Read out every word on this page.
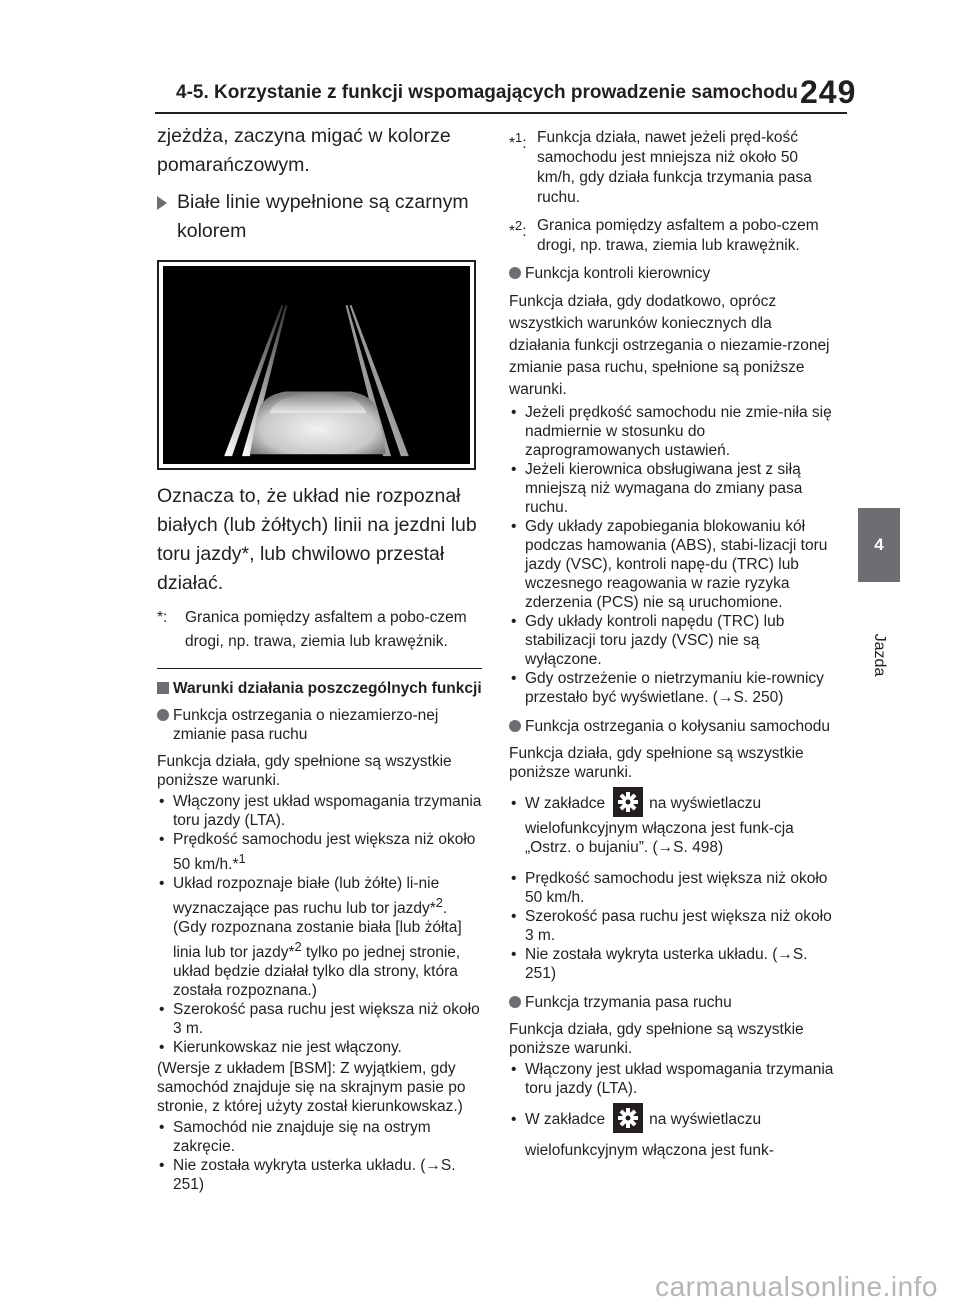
4-5. Korzystanie z funkcji wspomagających prowadzenie samochodu 249
4
Jazda

zjeżdża, zaczyna migać w kolorze pomarańczowym.

Białe linie wypełnione są czarnym kolorem

Oznacza to, że układ nie rozpoznał białych (lub żółtych) linii na jezdni lub toru jazdy*, lub chwilowo przestał działać.

*: Granica pomiędzy asfaltem a pobo-czem drogi, np. trawa, ziemia lub krawężnik.

Warunki działania poszczególnych funkcji
Funkcja ostrzegania o niezamierzo-nej zmianie pasa ruchu

Funkcja działa, gdy spełnione są wszystkie poniższe warunki.

• Włączony jest układ wspomagania trzymania toru jazdy (LTA).
• Prędkość samochodu jest większa niż około 50 km/h.*$^1$
• Układ rozpoznaje białe (lub żółte) li-nie wyznaczające pas ruchu lub tor jazdy*$^2$. (Gdy rozpoznana zostanie biała [lub żółta] linia lub tor jazdy*$^2$ tylko po jednej stronie, układ będzie działał tylko dla strony, która została rozpoznana.)
• Szerokość pasa ruchu jest większa niż około 3 m.
• Kierunkowskaz nie jest włączony.

(Wersje z układem [BSM]: Z wyjątkiem, gdy samochód znajduje się na skrajnym pasie po stronie, z której użyty został kierunkowskaz.)

• Samochód nie znajduje się na ostrym zakręcie.
• Nie została wykryta usterka układu. (→S. 251)

*$^1$: Funkcja działa, nawet jeżeli pręd-kość samochodu jest mniejsza niż około 50 km/h, gdy działa funkcja trzymania pasa ruchu.

*$^2$: Granica pomiędzy asfaltem a pobo-czem drogi, np. trawa, ziemia lub krawężnik.

Funkcja kontroli kierownicy

Funkcja działa, gdy dodatkowo, oprócz wszystkich warunków koniecznych dla działania funkcji ostrzegania o niezamie-rzonej zmianie pasa ruchu, spełnione są poniższe warunki.

• Jeżeli prędkość samochodu nie zmie-niła się nadmiernie w stosunku do zaprogramowanych ustawień.
• Jeżeli kierownica obsługiwana jest z siłą mniejszą niż wymagana do zmiany pasa ruchu.
• Gdy układy zapobiegania blokowaniu kół podczas hamowania (ABS), stabi-lizacji toru jazdy (VSC), kontroli napę-du (TRC) lub wczesnego reagowania w razie ryzyka zderzenia (PCS) nie są uruchomione.
• Gdy układy kontroli napędu (TRC) lub stabilizacji toru jazdy (VSC) nie są wyłączone.
• Gdy ostrzeżenie o nietrzymaniu kie-rownicy przestało być wyświetlane. (→S. 250)
Funkcja ostrzegania o kołysaniu samochodu

Funkcja działa, gdy spełnione są wszystkie poniższe warunki.

• W zakładce	na wyświetlaczu
wielofunkcyjnym włączona jest funk-cja „Ostrz. o bujaniu”. (→S. 498)
• Prędkość samochodu jest większa niż około 50 km/h.
• Szerokość pasa ruchu jest większa niż około 3 m.
• Nie została wykryta usterka układu. (→S. 251)
Funkcja trzymania pasa ruchu

Funkcja działa, gdy spełnione są wszystkie poniższe warunki.

• Włączony jest układ wspomagania trzymania toru jazdy (LTA).
• W zakładce	na wyświetlaczu
wielofunkcyjnym włączona jest funk-
carmanualsonline.info
